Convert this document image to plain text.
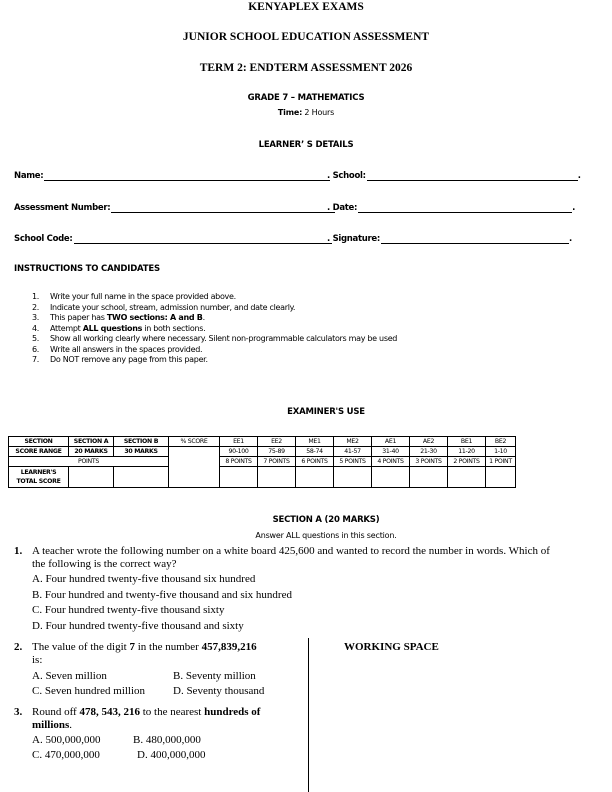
KENYAPLEX EXAMS
JUNIOR SCHOOL EDUCATION ASSESSMENT
TERM 2: ENDTERM ASSESSMENT 2026
GRADE 7 – MATHEMATICS
Time: 2 Hours
LEARNER’ S DETAILS
Name:	. School:	.
Assessment Number:	. Date:	.
School Code:	. Signature:	.
INSTRUCTIONS TO CANDIDATES
1. Write your full name in the space provided above.
2. Indicate your school, stream, admission number, and date clearly.
3. This paper has TWO sections: A and B.
4. Attempt ALL questions in both sections.
5. Show all working clearly where necessary. Silent non-programmable calculators may be used
6. Write all answers in the spaces provided.
7. Do NOT remove any page from this paper.
EXAMINER'S USE
SECTION	SECTION A	SECTION B	% SCORE	EE1	EE2	ME1	ME2	AE1	AE2	BE1	BE2
SCORE RANGE	20 MARKS	30 MARKS		90-100	75-89	58-74	41-57	31-40	21-30	11-20	1-10
POINTS				8 POINTS	7 POINTS	6 POINTS	5 POINTS	4 POINTS	3 POINTS	2 POINTS	1 POINT
LEARNER'S
TOTAL SCORE											
SECTION A (20 MARKS)
Answer ALL questions in this section.
1. A teacher wrote the following number on a white board 425,600 and wanted to record the number in words. Which of
the following is the correct way?
A. Four hundred twenty-five thousand six hundred
B. Four hundred and twenty-five thousand and six hundred
C. Four hundred twenty-five thousand sixty
D. Four hundred twenty-five thousand and sixty
2. The value of the digit 7 in the number 457,839,216
is:
A. Seven million	B. Seventy million
C. Seven hundred million	D. Seventy thousand
3. Round off 478, 543, 216 to the nearest hundreds of
millions.
A. 500,000,000	B. 480,000,000
C. 470,000,000	D. 400,000,000
WORKING SPACE
